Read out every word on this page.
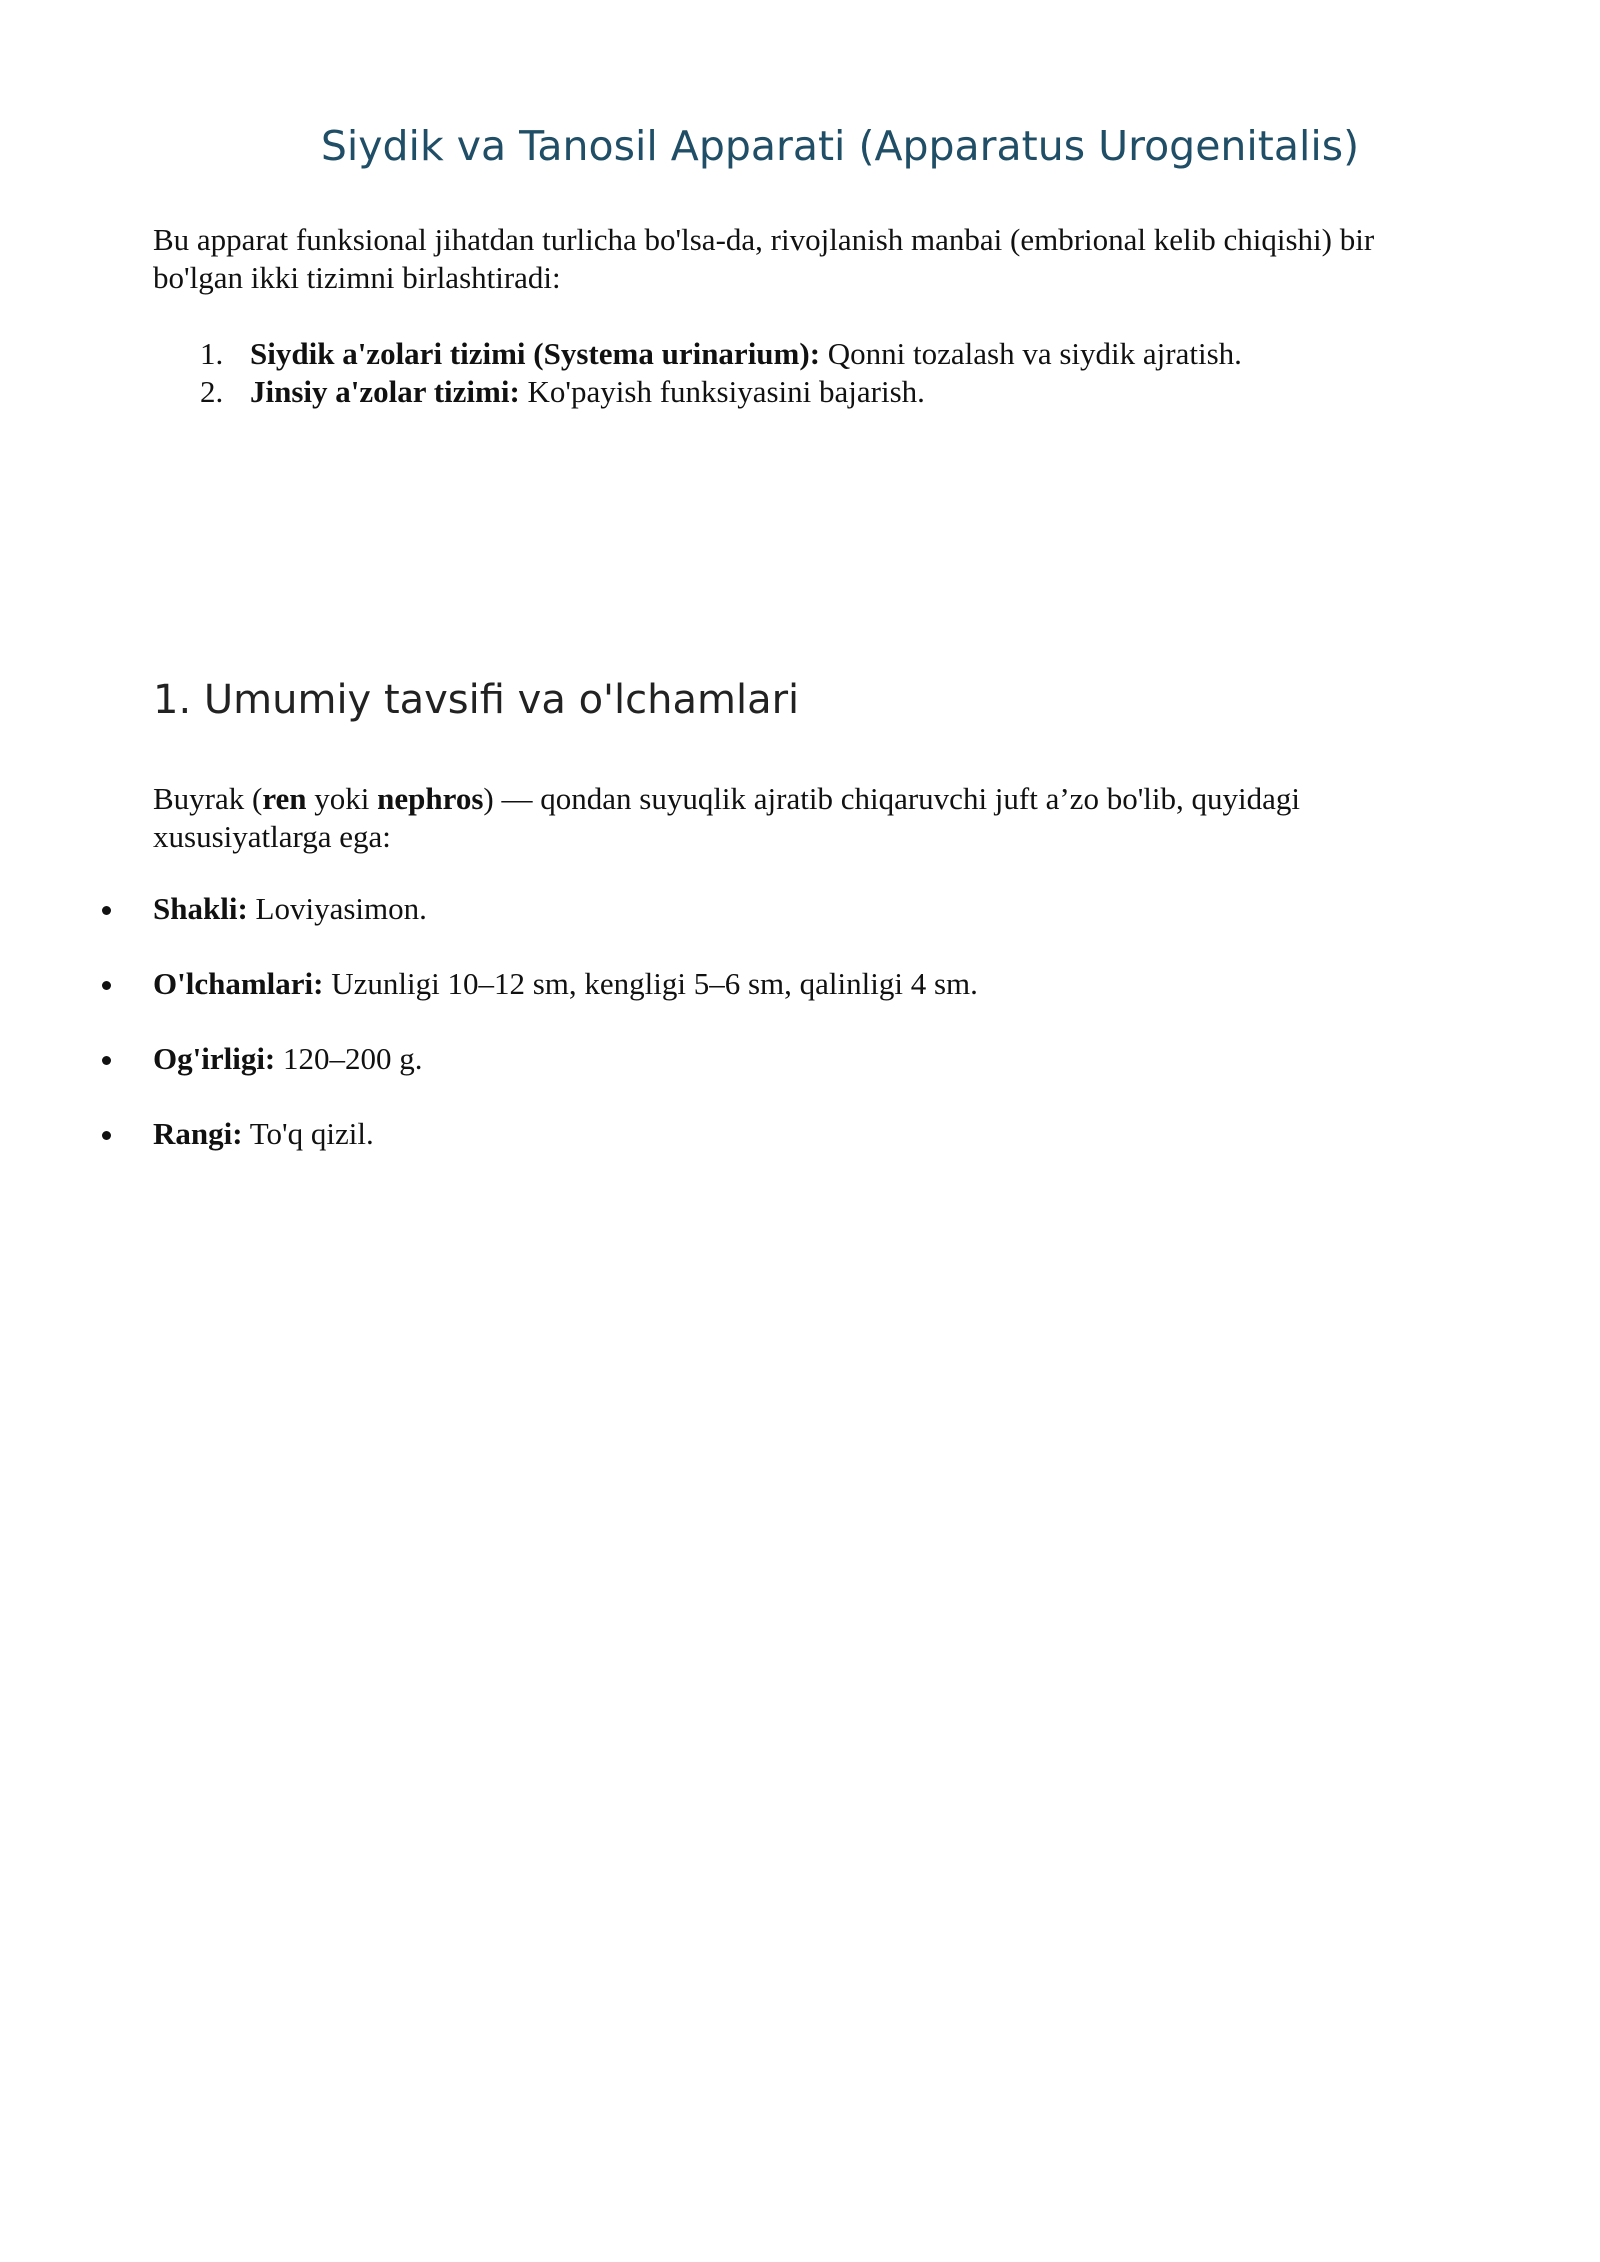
Siydik va Tanosil Apparati (Apparatus Urogenitalis)

Bu apparat funksional jihatdan turlicha bo'lsa-da, rivojlanish manbai (embrional kelib chiqishi) bir bo'lgan ikki tizimni birlashtiradi:

1. Siydik a'zolari tizimi (Systema urinarium): Qonni tozalash va siydik ajratish.
2. Jinsiy a'zolar tizimi: Ko'payish funksiyasini bajarish.
1. Umumiy tavsifi va o'lchamlari

Buyrak (ren yoki nephros) — qondan suyuqlik ajratib chiqaruvchi juft a’zo bo'lib, quyidagi xususiyatlarga ega:

Shakli: Loviyasimon.
O'lchamlari: Uzunligi 10–12 sm, kengligi 5–6 sm, qalinligi 4 sm.
Og'irligi: 120–200 g.
Rangi: To'q qizil.
